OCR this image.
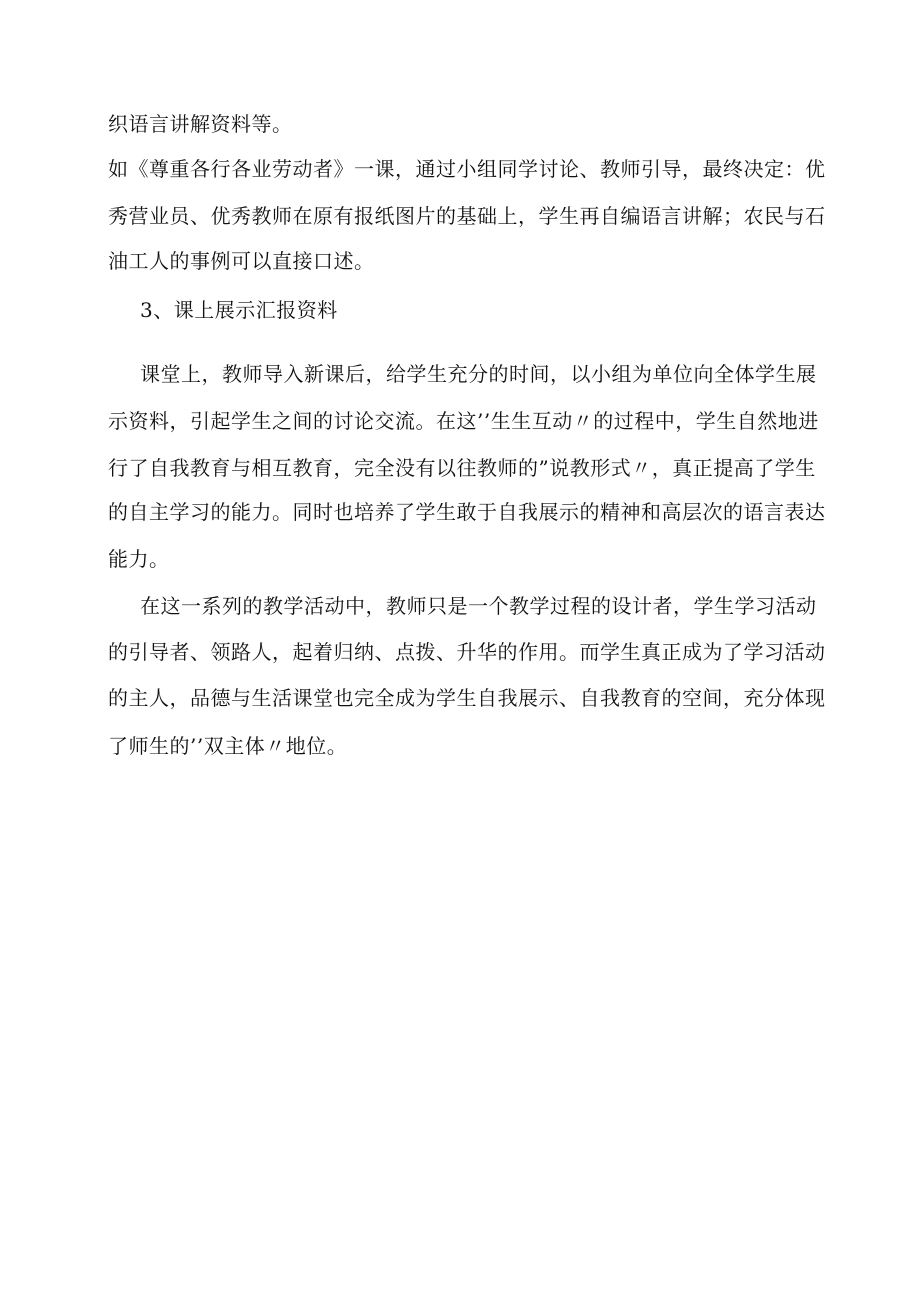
织语言讲解资料等。
如《尊重各行各业劳动者》一课，通过小组同学讨论、教师引导，最终决定：优
秀营业员、优秀教师在原有报纸图片的基础上，学生再自编语言讲解；农民与石
油工人的事例可以直接口述。
3、课上展示汇报资料
课堂上，教师导入新课后，给学生充分的时间，以小组为单位向全体学生展
示资料，引起学生之间的讨论交流。在这’’生生互动〃的过程中，学生自然地进
行了自我教育与相互教育，完全没有以往教师的”说教形式〃，真正提高了学生
的自主学习的能力。同时也培养了学生敢于自我展示的精神和高层次的语言表达
能力。
在这一系列的教学活动中，教师只是一个教学过程的设计者，学生学习活动
的引导者、领路人，起着归纳、点拨、升华的作用。而学生真正成为了学习活动
的主人，品德与生活课堂也完全成为学生自我展示、自我教育的空间，充分体现
了师生的’’双主体〃地位。
